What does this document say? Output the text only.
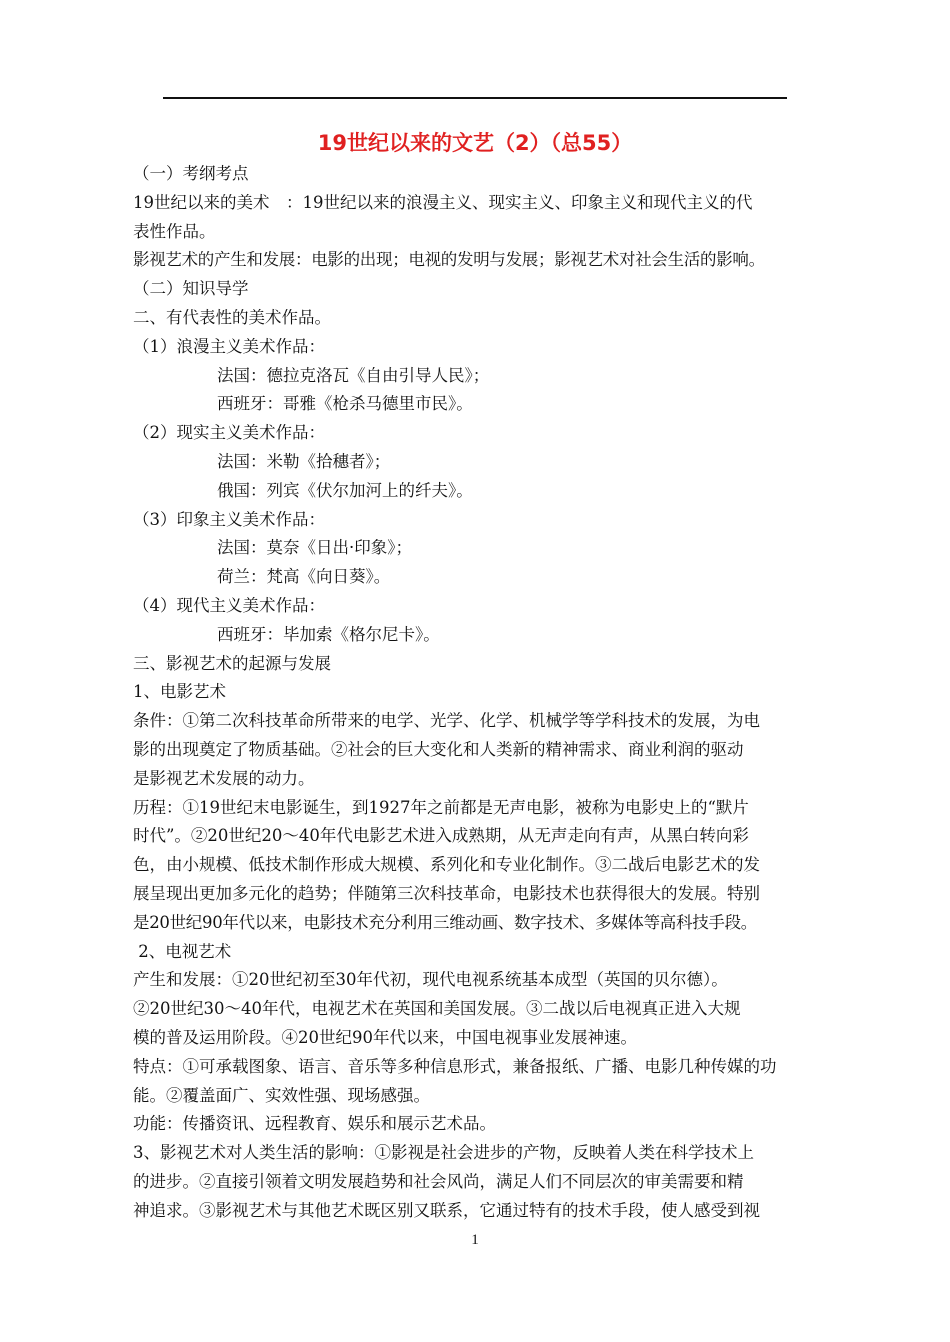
19世纪以来的文艺（2）（总55）

（一）考纲考点

19世纪以来的美术　：19世纪以来的浪漫主义、现实主义、印象主义和现代主义的代

表性作品。

影视艺术的产生和发展：电影的出现；电视的发明与发展；影视艺术对社会生活的影响。

（二）知识导学

二、有代表性的美术作品。

（1）浪漫主义美术作品：

法国：德拉克洛瓦《自由引导人民》；

西班牙：哥雅《枪杀马德里市民》。

（2）现实主义美术作品：

法国：米勒《拾穗者》；

俄国：列宾《伏尔加河上的纤夫》。

（3）印象主义美术作品：

法国：莫奈《日出·印象》；

荷兰：梵高《向日葵》。

（4）现代主义美术作品：

西班牙：毕加索《格尔尼卡》。

三、影视艺术的起源与发展

1、电影艺术

条件：①第二次科技革命所带来的电学、光学、化学、机械学等学科技术的发展，为电

影的出现奠定了物质基础。②社会的巨大变化和人类新的精神需求、商业利润的驱动

是影视艺术发展的动力。

历程：①19世纪末电影诞生，到1927年之前都是无声电影，被称为电影史上的“默片

时代”。②20世纪20～40年代电影艺术进入成熟期，从无声走向有声，从黑白转向彩

色，由小规模、低技术制作形成大规模、系列化和专业化制作。③二战后电影艺术的发

展呈现出更加多元化的趋势；伴随第三次科技革命，电影技术也获得很大的发展。特别

是20世纪90年代以来，电影技术充分利用三维动画、数字技术、多媒体等高科技手段。

2、电视艺术

产生和发展：①20世纪初至30年代初，现代电视系统基本成型（英国的贝尔德）。

②20世纪30～40年代，电视艺术在英国和美国发展。③二战以后电视真正进入大规

模的普及运用阶段。④20世纪90年代以来，中国电视事业发展神速。

特点：①可承载图象、语言、音乐等多种信息形式，兼备报纸、广播、电影几种传媒的功

能。②覆盖面广、实效性强、现场感强。

功能：传播资讯、远程教育、娱乐和展示艺术品。

3、影视艺术对人类生活的影响：①影视是社会进步的产物，反映着人类在科学技术上

的进步。②直接引领着文明发展趋势和社会风尚，满足人们不同层次的审美需要和精

神追求。③影视艺术与其他艺术既区别又联系，它通过特有的技术手段，使人感受到视

1
